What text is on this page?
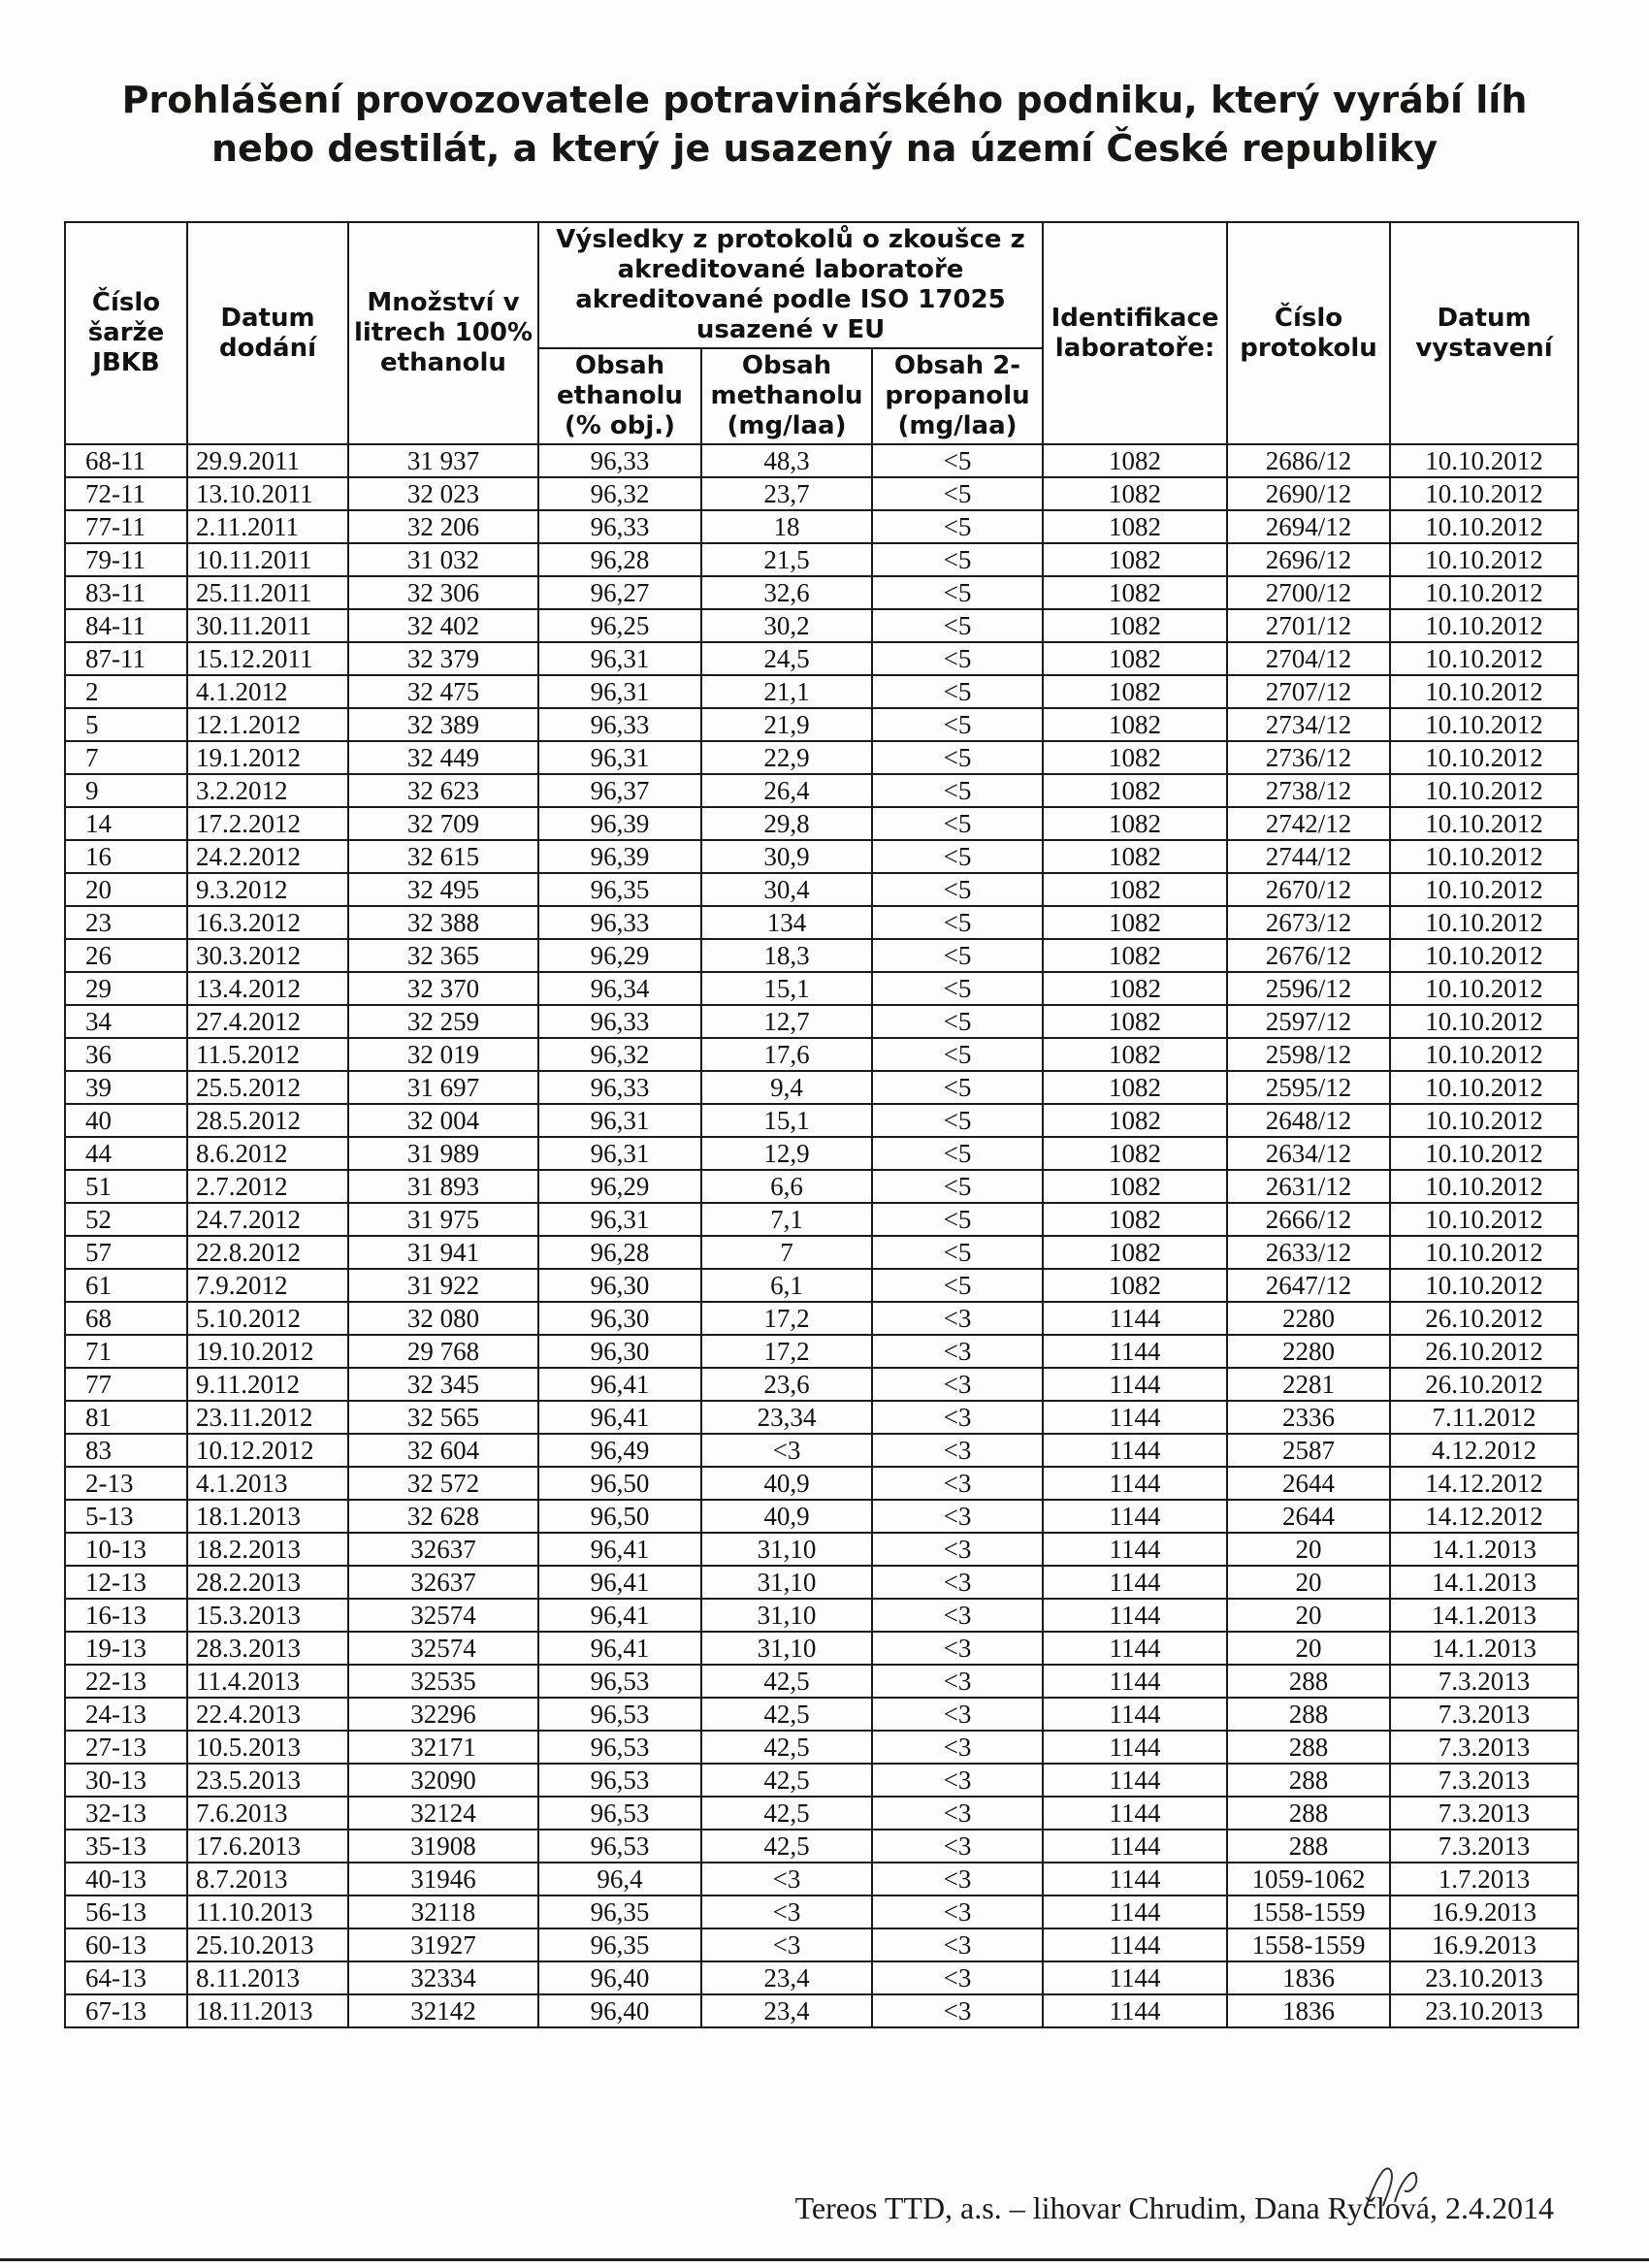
Prohlášení provozovatele potravinářského podniku, který vyrábí líh nebo destilát, a který je usazený na území České republiky
Číslo šarže JBKB	Datum dodání	Množství v litrech 100% ethanolu	Výsledky z protokolů o zkoušce z akreditované laboratoře akreditované podle ISO 17025 usazené v EU			Identifikace laboratoře:	Číslo protokolu	Datum vystavení
			Obsah ethanolu (% obj.)	Obsah methanolu (mg/laa)	Obsah 2-propanolu (mg/laa)			
68-11	29.9.2011	31 937	96,33	48,3	<5	1082	2686/12	10.10.2012
72-11	13.10.2011	32 023	96,32	23,7	<5	1082	2690/12	10.10.2012
77-11	2.11.2011	32 206	96,33	18	<5	1082	2694/12	10.10.2012
79-11	10.11.2011	31 032	96,28	21,5	<5	1082	2696/12	10.10.2012
83-11	25.11.2011	32 306	96,27	32,6	<5	1082	2700/12	10.10.2012
84-11	30.11.2011	32 402	96,25	30,2	<5	1082	2701/12	10.10.2012
87-11	15.12.2011	32 379	96,31	24,5	<5	1082	2704/12	10.10.2012
2	4.1.2012	32 475	96,31	21,1	<5	1082	2707/12	10.10.2012
5	12.1.2012	32 389	96,33	21,9	<5	1082	2734/12	10.10.2012
7	19.1.2012	32 449	96,31	22,9	<5	1082	2736/12	10.10.2012
9	3.2.2012	32 623	96,37	26,4	<5	1082	2738/12	10.10.2012
14	17.2.2012	32 709	96,39	29,8	<5	1082	2742/12	10.10.2012
16	24.2.2012	32 615	96,39	30,9	<5	1082	2744/12	10.10.2012
20	9.3.2012	32 495	96,35	30,4	<5	1082	2670/12	10.10.2012
23	16.3.2012	32 388	96,33	134	<5	1082	2673/12	10.10.2012
26	30.3.2012	32 365	96,29	18,3	<5	1082	2676/12	10.10.2012
29	13.4.2012	32 370	96,34	15,1	<5	1082	2596/12	10.10.2012
34	27.4.2012	32 259	96,33	12,7	<5	1082	2597/12	10.10.2012
36	11.5.2012	32 019	96,32	17,6	<5	1082	2598/12	10.10.2012
39	25.5.2012	31 697	96,33	9,4	<5	1082	2595/12	10.10.2012
40	28.5.2012	32 004	96,31	15,1	<5	1082	2648/12	10.10.2012
44	8.6.2012	31 989	96,31	12,9	<5	1082	2634/12	10.10.2012
51	2.7.2012	31 893	96,29	6,6	<5	1082	2631/12	10.10.2012
52	24.7.2012	31 975	96,31	7,1	<5	1082	2666/12	10.10.2012
57	22.8.2012	31 941	96,28	7	<5	1082	2633/12	10.10.2012
61	7.9.2012	31 922	96,30	6,1	<5	1082	2647/12	10.10.2012
68	5.10.2012	32 080	96,30	17,2	<3	1144	2280	26.10.2012
71	19.10.2012	29 768	96,30	17,2	<3	1144	2280	26.10.2012
77	9.11.2012	32 345	96,41	23,6	<3	1144	2281	26.10.2012
81	23.11.2012	32 565	96,41	23,34	<3	1144	2336	7.11.2012
83	10.12.2012	32 604	96,49	<3	<3	1144	2587	4.12.2012
2-13	4.1.2013	32 572	96,50	40,9	<3	1144	2644	14.12.2012
5-13	18.1.2013	32 628	96,50	40,9	<3	1144	2644	14.12.2012
10-13	18.2.2013	32637	96,41	31,10	<3	1144	20	14.1.2013
12-13	28.2.2013	32637	96,41	31,10	<3	1144	20	14.1.2013
16-13	15.3.2013	32574	96,41	31,10	<3	1144	20	14.1.2013
19-13	28.3.2013	32574	96,41	31,10	<3	1144	20	14.1.2013
22-13	11.4.2013	32535	96,53	42,5	<3	1144	288	7.3.2013
24-13	22.4.2013	32296	96,53	42,5	<3	1144	288	7.3.2013
27-13	10.5.2013	32171	96,53	42,5	<3	1144	288	7.3.2013
30-13	23.5.2013	32090	96,53	42,5	<3	1144	288	7.3.2013
32-13	7.6.2013	32124	96,53	42,5	<3	1144	288	7.3.2013
35-13	17.6.2013	31908	96,53	42,5	<3	1144	288	7.3.2013
40-13	8.7.2013	31946	96,4	<3	<3	1144	1059-1062	1.7.2013
56-13	11.10.2013	32118	96,35	<3	<3	1144	1558-1559	16.9.2013
60-13	25.10.2013	31927	96,35	<3	<3	1144	1558-1559	16.9.2013
64-13	8.11.2013	32334	96,40	23,4	<3	1144	1836	23.10.2013
67-13	18.11.2013	32142	96,40	23,4	<3	1144	1836	23.10.2013
Tereos TTD, a.s. – lihovar Chrudim, Dana Ryčlová, 2.4.2014
